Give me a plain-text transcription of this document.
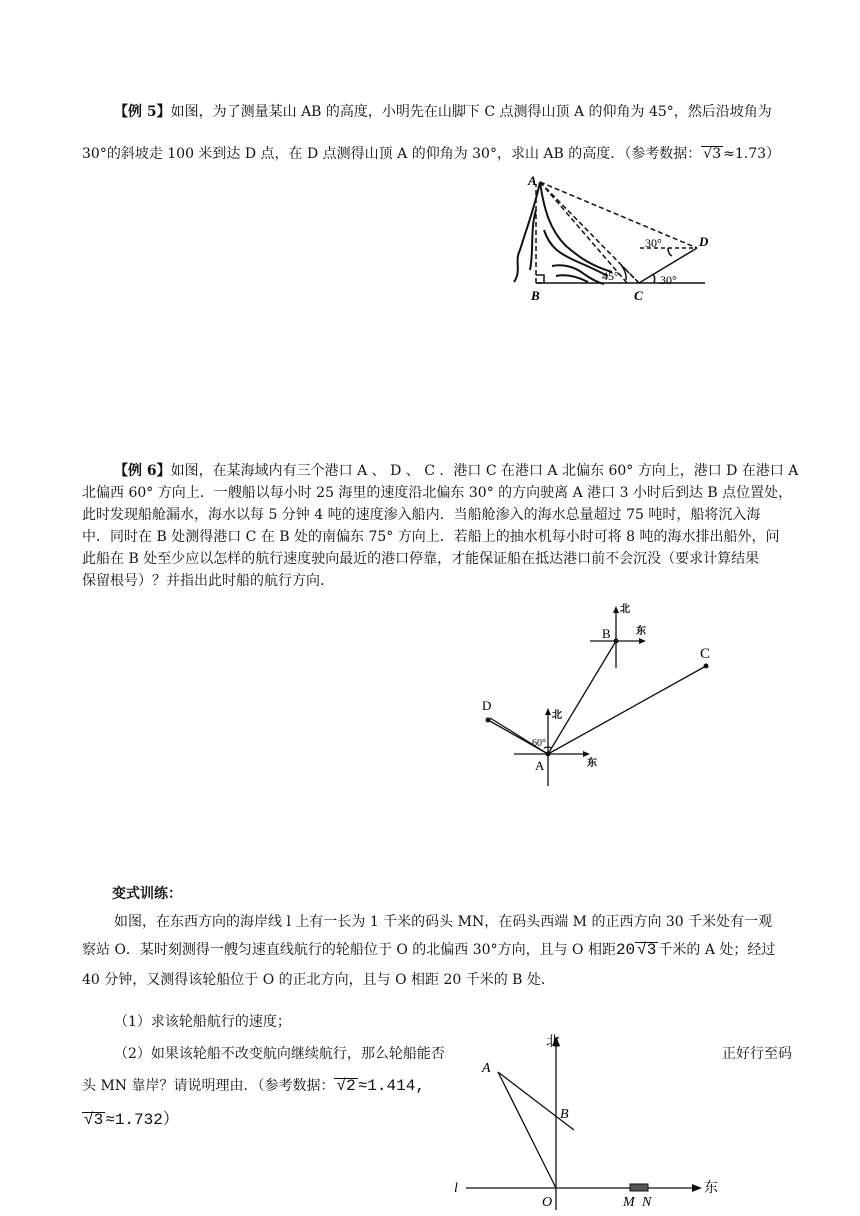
【例 5】如图，为了测量某山 AB 的高度，小明先在山脚下 C 点测得山顶 A 的仰角为 45°，然后沿坡角为
30°的斜坡走 100 米到达 D 点，在 D 点测得山顶 A 的仰角为 30°，求山 AB 的高度．（参考数据： √3 ≈1.73）
A
B	C
D
45°	30°
30°
【例 6】如图，在某海域内有三个港口 A 、 D 、 C ．港口 C 在港口 A 北偏东 60° 方向上，港口 D 在港口 A
北偏西 60° 方向上．一艘船以每小时 25 海里的速度沿北偏东 30° 的方向驶离 A 港口 3 小时后到达 B 点位置处，
此时发现船舱漏水，海水以每 5 分钟 4 吨的速度渗入船内．当船舱渗入的海水总量超过 75 吨时，船将沉入海
中．同时在 B 处测得港口 C 在 B 处的南偏东 75° 方向上．若船上的抽水机每小时可将 8 吨的海水排出船外，问
此船在 B 处至少应以怎样的航行速度驶向最近的港口停靠，才能保证船在抵达港口前不会沉没（要求计算结果
保留根号）？并指出此时船的航行方向．
北
东
B
C
D
北
东
60°
A
变式训练：
如图，在东西方向的海岸线 l 上有一长为 1 千米的码头 MN，在码头西端 M 的正西方向 30 千米处有一观
察站 O．某时刻测得一艘匀速直线航行的轮船位于 O 的北偏西 30°方向，且与 O 相距20 √3 千米的 A 处；经过
40 分钟，又测得该轮船位于 O 的正北方向，且与 O 相距 20 千米的 B 处．
（1）求该轮船航行的速度；
（2）如果该轮船不改变航向继续航行，那么轮船能否	正好行至码
头 MN 靠岸？请说明理由．（参考数据： √2 ≈1.414,
√3 ≈1.732）
北
东
A
B
O	M N
l
